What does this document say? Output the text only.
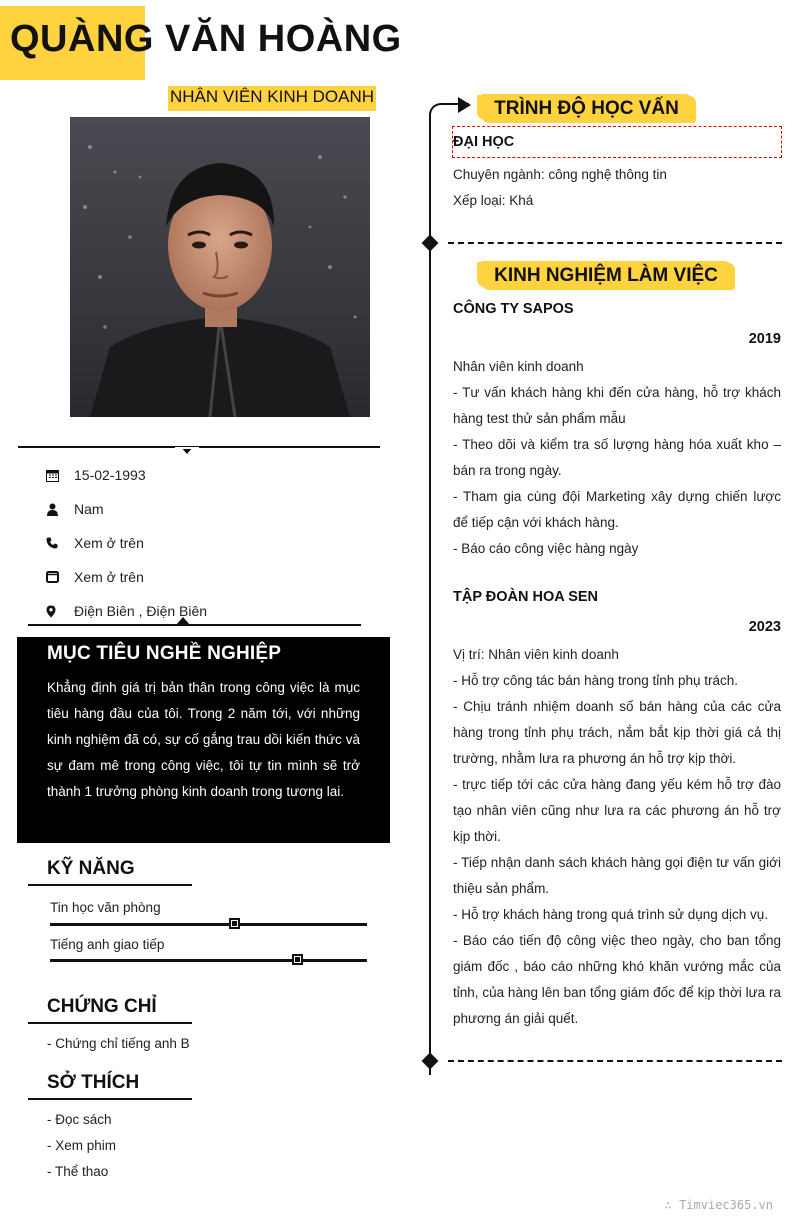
QUÀNG VĂN HOÀNG
NHÂN VIÊN KINH DOANH
15-02-1993
Nam
Xem ở trên
Xem ở trên
Điện Biên , Điện Biên
MỤC TIÊU NGHỀ NGHIỆP
Khẳng định giá trị bản thân trong công việc là mục tiêu hàng đầu của tôi. Trong 2 năm tới, với những kinh nghiệm đã có, sự cố gắng trau dồi kiến thức và sự đam mê trong công việc, tôi tự tin mình sẽ trở thành 1 trưởng phòng kinh doanh trong tương lai.
KỸ NĂNG
Tin học văn phòng
Tiếng anh giao tiếp
CHỨNG CHỈ
- Chứng chỉ tiếng anh B
SỞ THÍCH
- Đọc sách
- Xem phim
- Thể thao
TRÌNH ĐỘ HỌC VẤN
ĐẠI HỌC
Chuyên ngành: công nghệ thông tin
Xếp loại: Khá
KINH NGHIỆM LÀM VIỆC
CÔNG TY SAPOS
2019
Nhân viên kinh doanh
- Tư vấn khách hàng khi đến cửa hàng, hỗ trợ khách hàng test thử sản phẩm mẫu
- Theo dõi và kiểm tra số lượng hàng hóa xuất kho – bán ra trong ngày.
- Tham gia cùng đội Marketing xây dựng chiến lược để tiếp cận với khách hàng.
- Báo cáo công việc hàng ngày
TẬP ĐOÀN HOA SEN
2023
Vị trí: Nhân viên kinh doanh
- Hỗ trợ công tác bán hàng trong tỉnh phụ trách.
- Chịu tránh nhiệm doanh số bán hàng của các cửa hàng trong tỉnh phụ trách, nắm bắt kịp thời giá cả thị trường, nhằm lưa ra phương án hỗ trợ kịp thời.
- trực tiếp tới các cửa hàng đang yếu kém hỗ trợ đào tạo nhân viên cũng như lưa ra các phương án hỗ trợ kịp thời.
- Tiếp nhận danh sách khách hàng gọi điện tư vấn giới thiệu sản phẩm.
- Hỗ trợ khách hàng trong quá trình sử dụng dịch vụ.
- Báo cáo tiến độ công việc theo ngày, cho ban tổng giám đốc , báo cáo những khó khăn vướng mắc của tỉnh, của hàng lên ban tổng giám đốc để kịp thời lưa ra phương án giải quết.
∴ Timviec365.vn
